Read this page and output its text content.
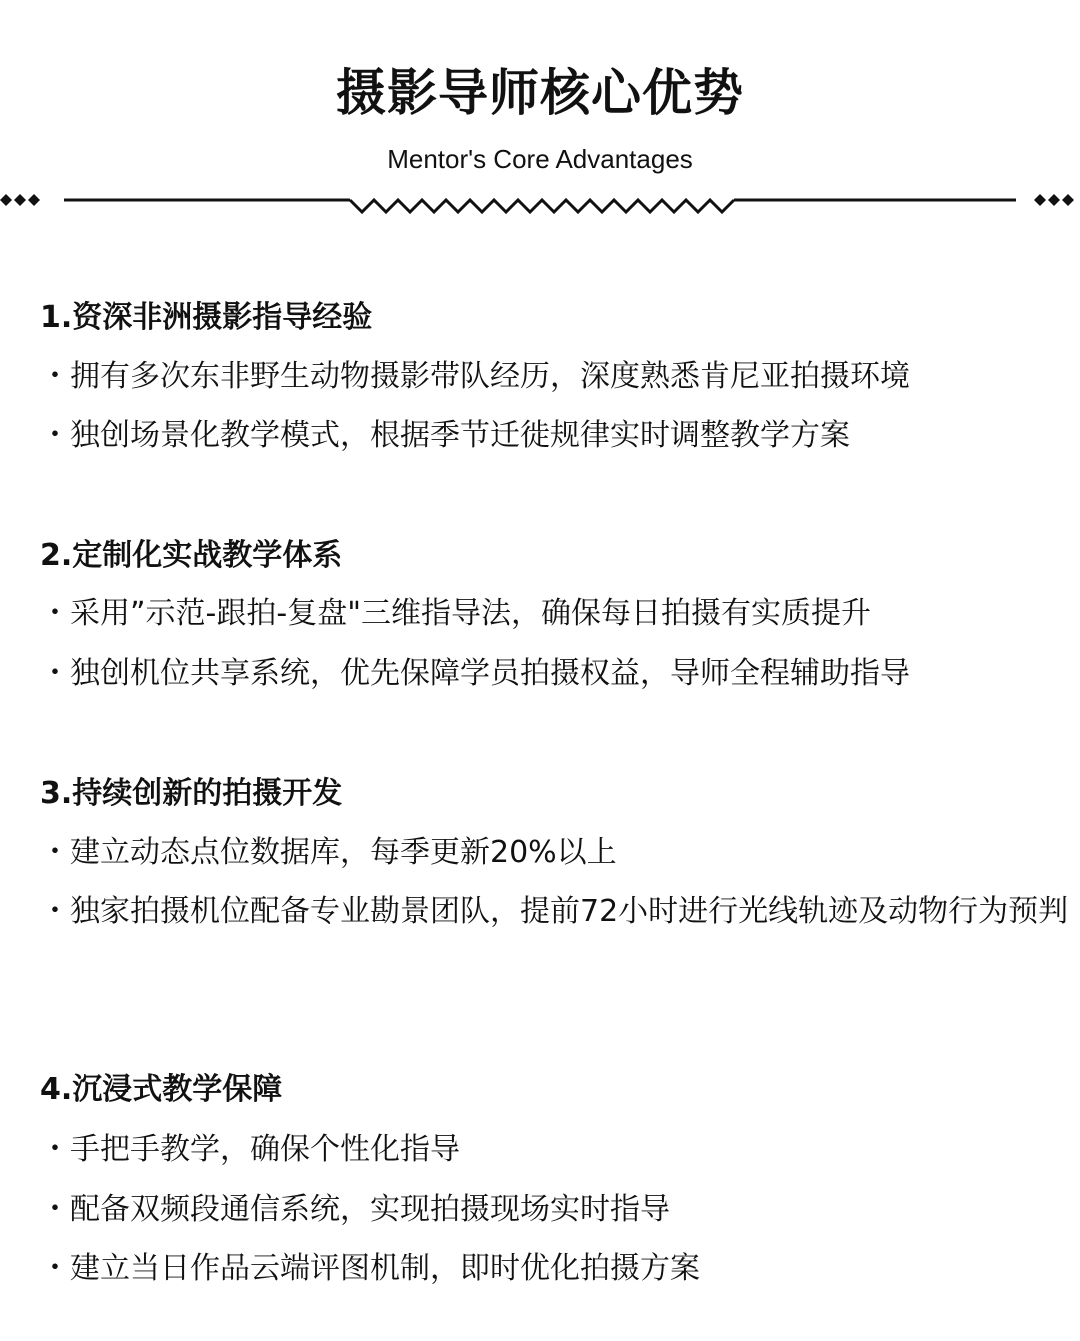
摄影导师核心优势
Mentor's Core Advantages
1.资深非洲摄影指导经验
・拥有多次东非野生动物摄影带队经历，深度熟悉肯尼亚拍摄环境
・独创场景化教学模式，根据季节迁徙规律实时调整教学方案
2.定制化实战教学体系
・采用”示范-跟拍-复盘"三维指导法，确保每日拍摄有实质提升
・独创机位共享系统，优先保障学员拍摄权益，导师全程辅助指导
3.持续创新的拍摄开发
・建立动态点位数据库，每季更新20%以上
・独家拍摄机位配备专业勘景团队，提前72小时进行光线轨迹及动物行为预判
4.沉浸式教学保障
・手把手教学，确保个性化指导
・配备双频段通信系统，实现拍摄现场实时指导
・建立当日作品云端评图机制，即时优化拍摄方案
